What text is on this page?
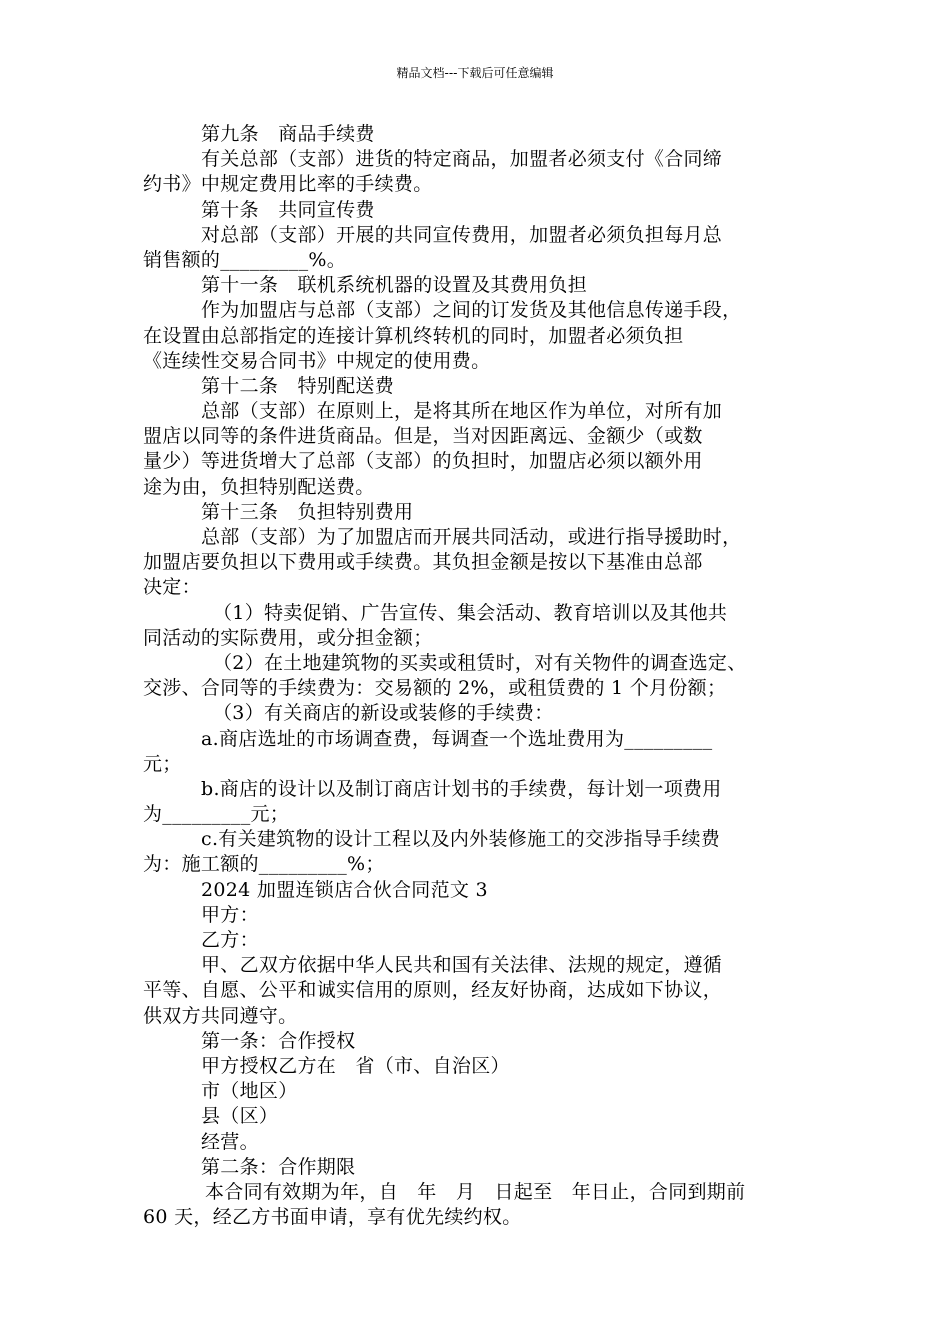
精品文档---下载后可任意编辑
第九条　商品手续费
有关总部（支部）进货的特定商品，加盟者必须支付《合同缔
约书》中规定费用比率的手续费。
第十条　共同宣传费
对总部（支部）开展的共同宣传费用，加盟者必须负担每月总
销售额的_________%。
第十一条　联机系统机器的设置及其费用负担
作为加盟店与总部（支部）之间的订发货及其他信息传递手段，
在设置由总部指定的连接计算机终转机的同时，加盟者必须负担
《连续性交易合同书》中规定的使用费。
第十二条　特别配送费
总部（支部）在原则上，是将其所在地区作为单位，对所有加
盟店以同等的条件进货商品。但是，当对因距离远、金额少（或数
量少）等进货增大了总部（支部）的负担时，加盟店必须以额外用
途为由，负担特别配送费。
第十三条　负担特别费用
总部（支部）为了加盟店而开展共同活动，或进行指导援助时，
加盟店要负担以下费用或手续费。其负担金额是按以下基准由总部
决定：
（1）特卖促销、广告宣传、集会活动、教育培训以及其他共
同活动的实际费用，或分担金额；
（2）在土地建筑物的买卖或租赁时，对有关物件的调查选定、
交涉、合同等的手续费为：交易额的 2%，或租赁费的 1 个月份额；
（3）有关商店的新设或装修的手续费：
a.商店选址的市场调查费，每调查一个选址费用为_________
元；
b.商店的设计以及制订商店计划书的手续费，每计划一项费用
为_________元；
c.有关建筑物的设计工程以及内外装修施工的交涉指导手续费
为：施工额的_________%；
2024 加盟连锁店合伙合同范文 3
甲方：
乙方：
甲、乙双方依据中华人民共和国有关法律、法规的规定，遵循
平等、自愿、公平和诚实信用的原则，经友好协商，达成如下协议，
供双方共同遵守。
第一条：合作授权
甲方授权乙方在　省（市、自治区）
市（地区）
县（区）
经营。
第二条：合作期限
本合同有效期为年，自　年　月　日起至　年日止，合同到期前
60 天，经乙方书面申请，享有优先续约权。
